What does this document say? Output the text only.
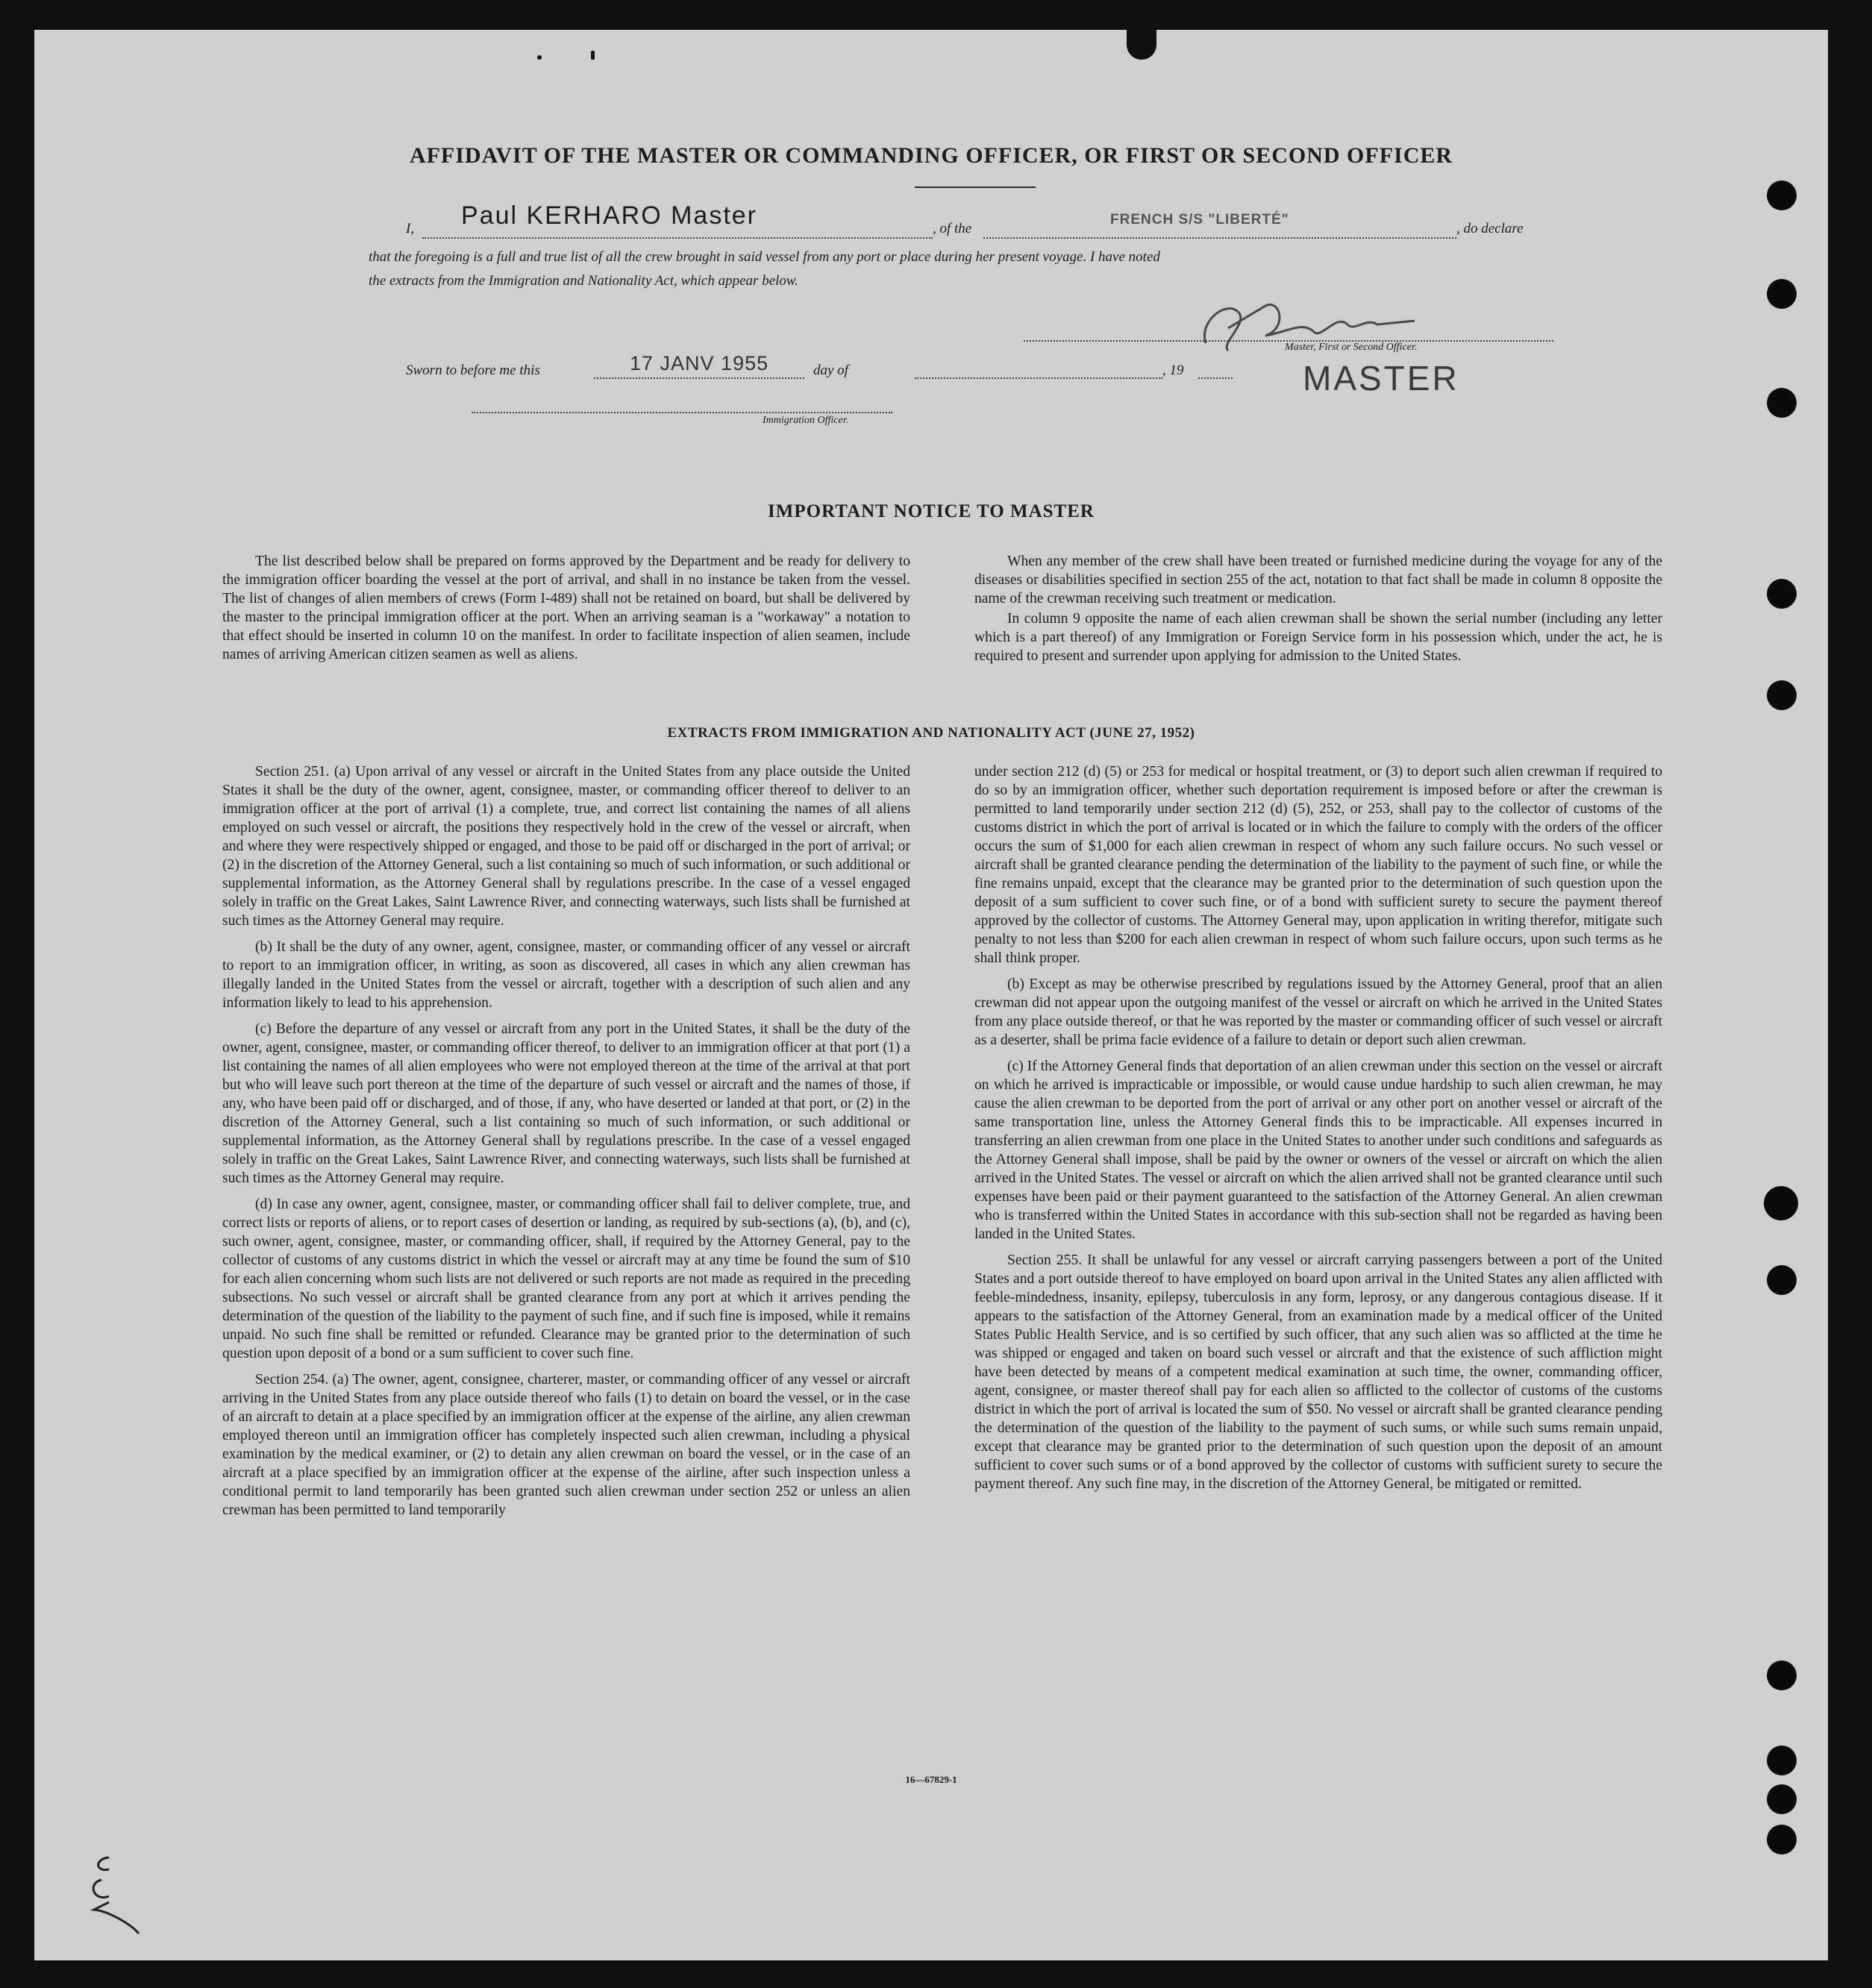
AFFIDAVIT OF THE MASTER OR COMMANDING OFFICER, OR FIRST OR SECOND OFFICER
I, Paul KERHARO Master	, of the
FRENCH S/S "LIBERTÉ"
, do declare
that the foregoing is a full and true list of all the crew brought in said vessel from any port or place during her present voyage. I have noted
the extracts from the Immigration and Nationality Act, which appear below.
Master, First or Second Officer.
MASTER
Sworn to before me this	17 JANV 1955	day of	, 19
Immigration Officer.
IMPORTANT NOTICE TO MASTER

The list described below shall be prepared on forms approved by the Department and be ready for delivery to the immigration officer boarding the vessel at the port of arrival, and shall in no instance be taken from the vessel. The list of changes of alien members of crews (Form I-489) shall not be retained on board, but shall be delivered by the master to the principal immigration officer at the port. When an arriving seaman is a "workaway" a notation to that effect should be inserted in column 10 on the manifest. In order to facilitate inspection of alien seamen, include names of arriving American citizen seamen as well as aliens.

When any member of the crew shall have been treated or furnished medicine during the voyage for any of the diseases or disabilities specified in section 255 of the act, notation to that fact shall be made in column 8 opposite the name of the crewman receiving such treatment or medication.

In column 9 opposite the name of each alien crewman shall be shown the serial number (including any letter which is a part thereof) of any Immigration or Foreign Service form in his possession which, under the act, he is required to present and surrender upon applying for admission to the United States.

EXTRACTS FROM IMMIGRATION AND NATIONALITY ACT (JUNE 27, 1952)

Section 251. (a) Upon arrival of any vessel or aircraft in the United States from any place outside the United States it shall be the duty of the owner, agent, consignee, master, or commanding officer thereof to deliver to an immigration officer at the port of arrival (1) a complete, true, and correct list containing the names of all aliens employed on such vessel or aircraft, the positions they respectively hold in the crew of the vessel or aircraft, when and where they were respectively shipped or engaged, and those to be paid off or discharged in the port of arrival; or (2) in the discretion of the Attorney General, such a list containing so much of such information, or such additional or supplemental information, as the Attorney General shall by regulations prescribe. In the case of a vessel engaged solely in traffic on the Great Lakes, Saint Lawrence River, and connecting waterways, such lists shall be furnished at such times as the Attorney General may require.

(b) It shall be the duty of any owner, agent, consignee, master, or commanding officer of any vessel or aircraft to report to an immigration officer, in writing, as soon as discovered, all cases in which any alien crewman has illegally landed in the United States from the vessel or aircraft, together with a description of such alien and any information likely to lead to his apprehension.

(c) Before the departure of any vessel or aircraft from any port in the United States, it shall be the duty of the owner, agent, consignee, master, or commanding officer thereof, to deliver to an immigration officer at that port (1) a list containing the names of all alien employees who were not employed thereon at the time of the arrival at that port but who will leave such port thereon at the time of the departure of such vessel or aircraft and the names of those, if any, who have been paid off or discharged, and of those, if any, who have deserted or landed at that port, or (2) in the discretion of the Attorney General, such a list containing so much of such information, or such additional or supplemental information, as the Attorney General shall by regulations prescribe. In the case of a vessel engaged solely in traffic on the Great Lakes, Saint Lawrence River, and connecting waterways, such lists shall be furnished at such times as the Attorney General may require.

(d) In case any owner, agent, consignee, master, or commanding officer shall fail to deliver complete, true, and correct lists or reports of aliens, or to report cases of desertion or landing, as required by sub-sections (a), (b), and (c), such owner, agent, consignee, master, or commanding officer, shall, if required by the Attorney General, pay to the collector of customs of any customs district in which the vessel or aircraft may at any time be found the sum of $10 for each alien concerning whom such lists are not delivered or such reports are not made as required in the preceding subsections. No such vessel or aircraft shall be granted clearance from any port at which it arrives pending the determination of the question of the liability to the payment of such fine, and if such fine is imposed, while it remains unpaid. No such fine shall be remitted or refunded. Clearance may be granted prior to the determination of such question upon deposit of a bond or a sum sufficient to cover such fine.

Section 254. (a) The owner, agent, consignee, charterer, master, or commanding officer of any vessel or aircraft arriving in the United States from any place outside thereof who fails (1) to detain on board the vessel, or in the case of an aircraft to detain at a place specified by an immigration officer at the expense of the airline, any alien crewman employed thereon until an immigration officer has completely inspected such alien crewman, including a physical examination by the medical examiner, or (2) to detain any alien crewman on board the vessel, or in the case of an aircraft at a place specified by an immigration officer at the expense of the airline, after such inspection unless a conditional permit to land temporarily has been granted such alien crewman under section 252 or unless an alien crewman has been permitted to land temporarily

under section 212 (d) (5) or 253 for medical or hospital treatment, or (3) to deport such alien crewman if required to do so by an immigration officer, whether such deportation requirement is imposed before or after the crewman is permitted to land temporarily under section 212 (d) (5), 252, or 253, shall pay to the collector of customs of the customs district in which the port of arrival is located or in which the failure to comply with the orders of the officer occurs the sum of $1,000 for each alien crewman in respect of whom any such failure occurs. No such vessel or aircraft shall be granted clearance pending the determination of the liability to the payment of such fine, or while the fine remains unpaid, except that the clearance may be granted prior to the determination of such question upon the deposit of a sum sufficient to cover such fine, or of a bond with sufficient surety to secure the payment thereof approved by the collector of customs. The Attorney General may, upon application in writing therefor, mitigate such penalty to not less than $200 for each alien crewman in respect of whom such failure occurs, upon such terms as he shall think proper.

(b) Except as may be otherwise prescribed by regulations issued by the Attorney General, proof that an alien crewman did not appear upon the outgoing manifest of the vessel or aircraft on which he arrived in the United States from any place outside thereof, or that he was reported by the master or commanding officer of such vessel or aircraft as a deserter, shall be prima facie evidence of a failure to detain or deport such alien crewman.

(c) If the Attorney General finds that deportation of an alien crewman under this section on the vessel or aircraft on which he arrived is impracticable or impossible, or would cause undue hardship to such alien crewman, he may cause the alien crewman to be deported from the port of arrival or any other port on another vessel or aircraft of the same transportation line, unless the Attorney General finds this to be impracticable. All expenses incurred in transferring an alien crewman from one place in the United States to another under such conditions and safeguards as the Attorney General shall impose, shall be paid by the owner or owners of the vessel or aircraft on which the alien arrived in the United States. The vessel or aircraft on which the alien arrived shall not be granted clearance until such expenses have been paid or their payment guaranteed to the satisfaction of the Attorney General. An alien crewman who is transferred within the United States in accordance with this sub-section shall not be regarded as having been landed in the United States.

Section 255. It shall be unlawful for any vessel or aircraft carrying passengers between a port of the United States and a port outside thereof to have employed on board upon arrival in the United States any alien afflicted with feeble-mindedness, insanity, epilepsy, tuberculosis in any form, leprosy, or any dangerous contagious disease. If it appears to the satisfaction of the Attorney General, from an examination made by a medical officer of the United States Public Health Service, and is so certified by such officer, that any such alien was so afflicted at the time he was shipped or engaged and taken on board such vessel or aircraft and that the existence of such affliction might have been detected by means of a competent medical examination at such time, the owner, commanding officer, agent, consignee, or master thereof shall pay for each alien so afflicted to the collector of customs of the customs district in which the port of arrival is located the sum of $50. No vessel or aircraft shall be granted clearance pending the determination of the question of the liability to the payment of such sums, or while such sums remain unpaid, except that clearance may be granted prior to the determination of such question upon the deposit of an amount sufficient to cover such sums or of a bond approved by the collector of customs with sufficient surety to secure the payment thereof. Any such fine may, in the discretion of the Attorney General, be mitigated or remitted.

16—67829-1
